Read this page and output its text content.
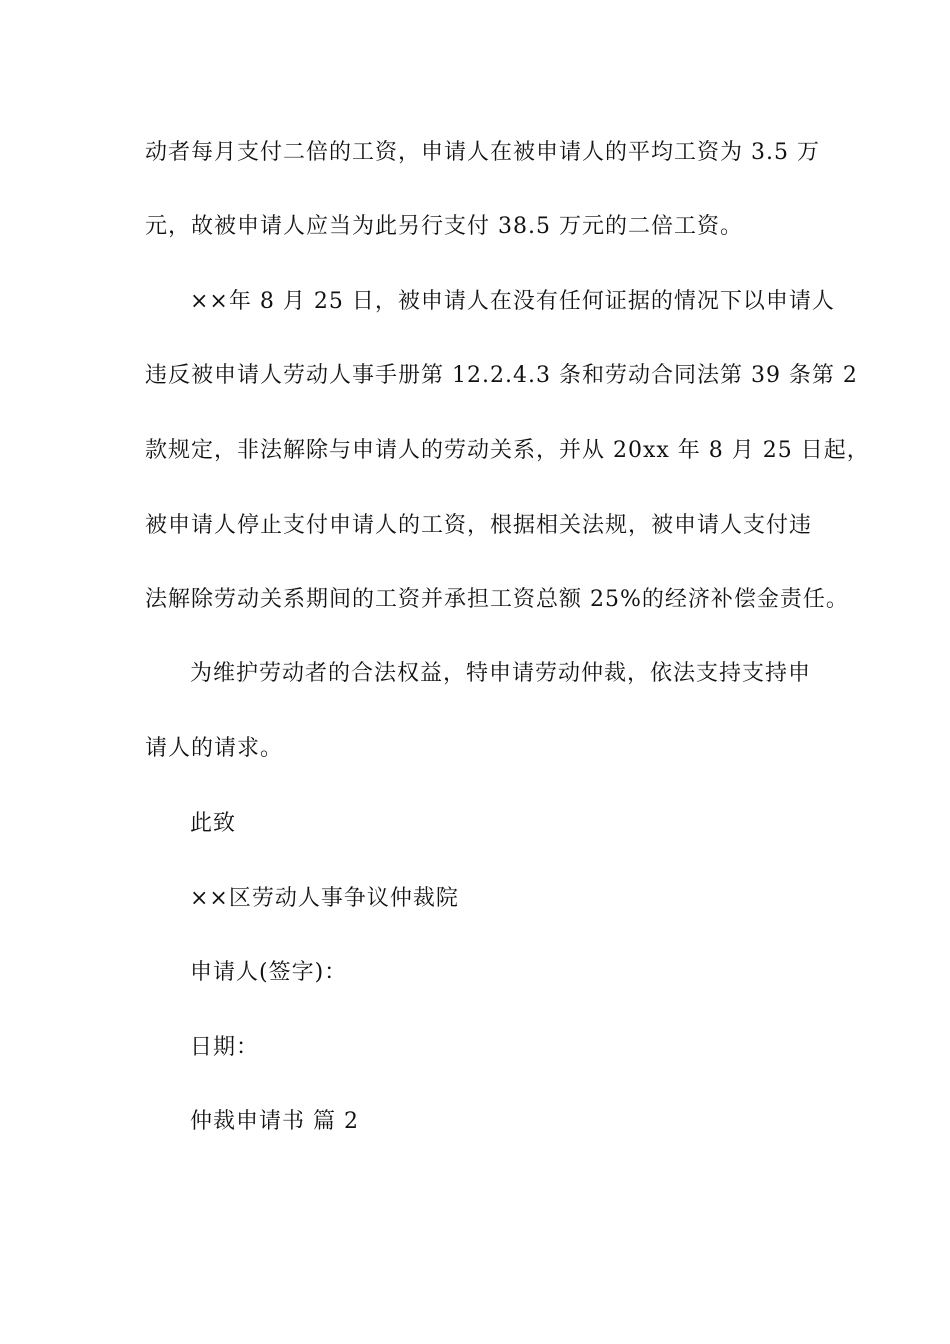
动者每月支付二倍的工资，申请人在被申请人的平均工资为 3.5 万
元，故被申请人应当为此另行支付 38.5 万元的二倍工资。
××年 8 月 25 日，被申请人在没有任何证据的情况下以申请人
违反被申请人劳动人事手册第 12.2.4.3 条和劳动合同法第 39 条第 2
款规定，非法解除与申请人的劳动关系，并从 20xx 年 8 月 25 日起，
被申请人停止支付申请人的工资，根据相关法规，被申请人支付违
法解除劳动关系期间的工资并承担工资总额 25%的经济补偿金责任。
为维护劳动者的合法权益，特申请劳动仲裁，依法支持支持申
请人的请求。
此致
××区劳动人事争议仲裁院
申请人(签字)：
日期：
仲裁申请书 篇 2
